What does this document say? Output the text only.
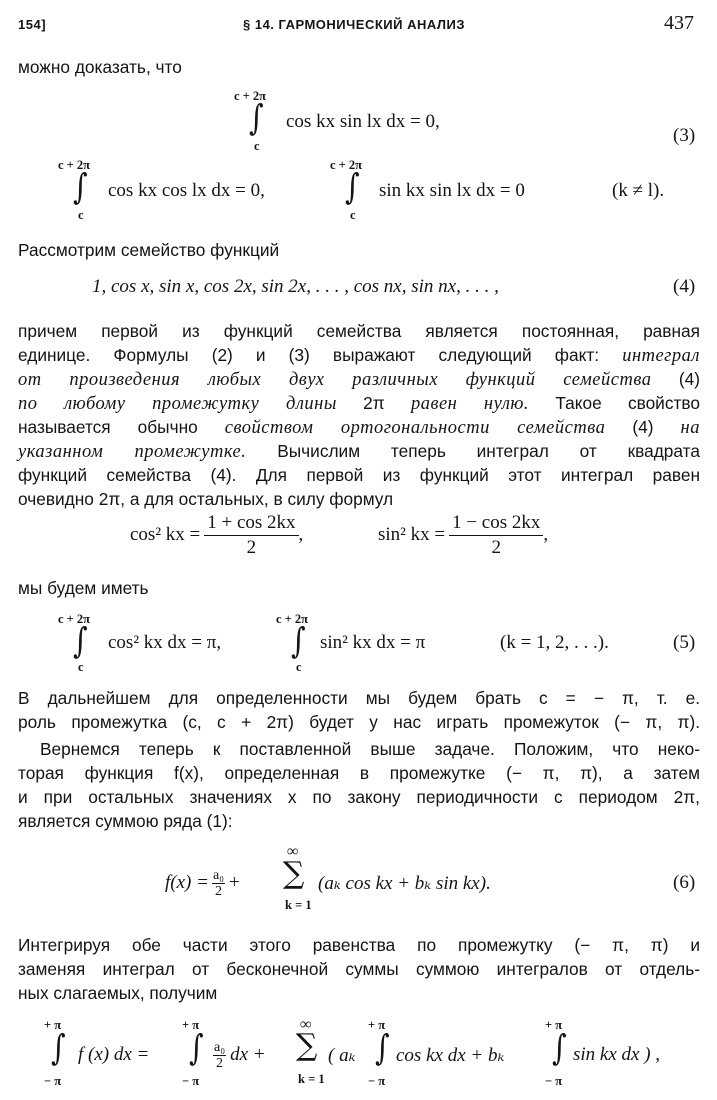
154]	§ 14. ГАРМОНИЧЕСКИЙ АНАЛИЗ	437
можно доказать, что
c + 2π
∫
c
cos kx sin lx dx = 0,
(3)
c + 2π
∫
c
cos kx cos lx dx = 0,
c + 2π
∫
c
sin kx sin lx dx = 0	(k ≠ l).
Рассмотрим семейство функций
1, cos x, sin x, cos 2x, sin 2x, . . . , cos nx, sin nx, . . . ,	(4)
причем первой из функций семейства является постоянная, равная
единице. Формулы (2) и (3) выражают следующий факт: интеграл
от произведения любых двух различных функций семейства (4)
по любому промежутку длины 2π равен нулю. Такое свойство
называется обычно свойством ортогональности семейства (4) на
указанном промежутке. Вычислим теперь интеграл от квадрата
функций семейства (4). Для первой из функций этот интеграл равен
очевидно 2π, а для остальных, в силу формул
cos² kx = $\frac{1 + \cos 2kx}{2}$ ,	sin² kx = $\frac{1 - \cos 2kx}{2}$ ,
мы будем иметь
c + 2π
∫
c
cos² kx dx = π,
c + 2π
∫
c
sin² kx dx = π	(k = 1, 2, . . .).	(5)
В дальнейшем для определенности мы будем брать c = − π, т. е.
роль промежутка (c, c + 2π) будет у нас играть промежуток (− π, π).
Вернемся теперь к поставленной выше задаче. Положим, что неко-
торая функция f(x), определенная в промежутке (− π, π), а затем
и при остальных значениях x по закону периодичности с периодом 2π,
является суммою ряда (1):
$f(x) = \frac{\text{a₀}}{2}$ +
∞
∑
k = 1
(aₖ cos kx + bₖ sin kx).	(6)
Интегрируя обе части этого равенства по промежутку (− π, π) и
заменяя интеграл от бесконечной суммы суммою интегралов от отдель-
ных слагаемых, получим
+ π
∫
− π
f (x) dx =
+ π
∫
− π
a₀
2 dx +
∞
∑
k = 1
( aₖ
+ π
∫
− π
cos kx dx + bₖ
+ π
∫
− π
sin kx dx ) ,
